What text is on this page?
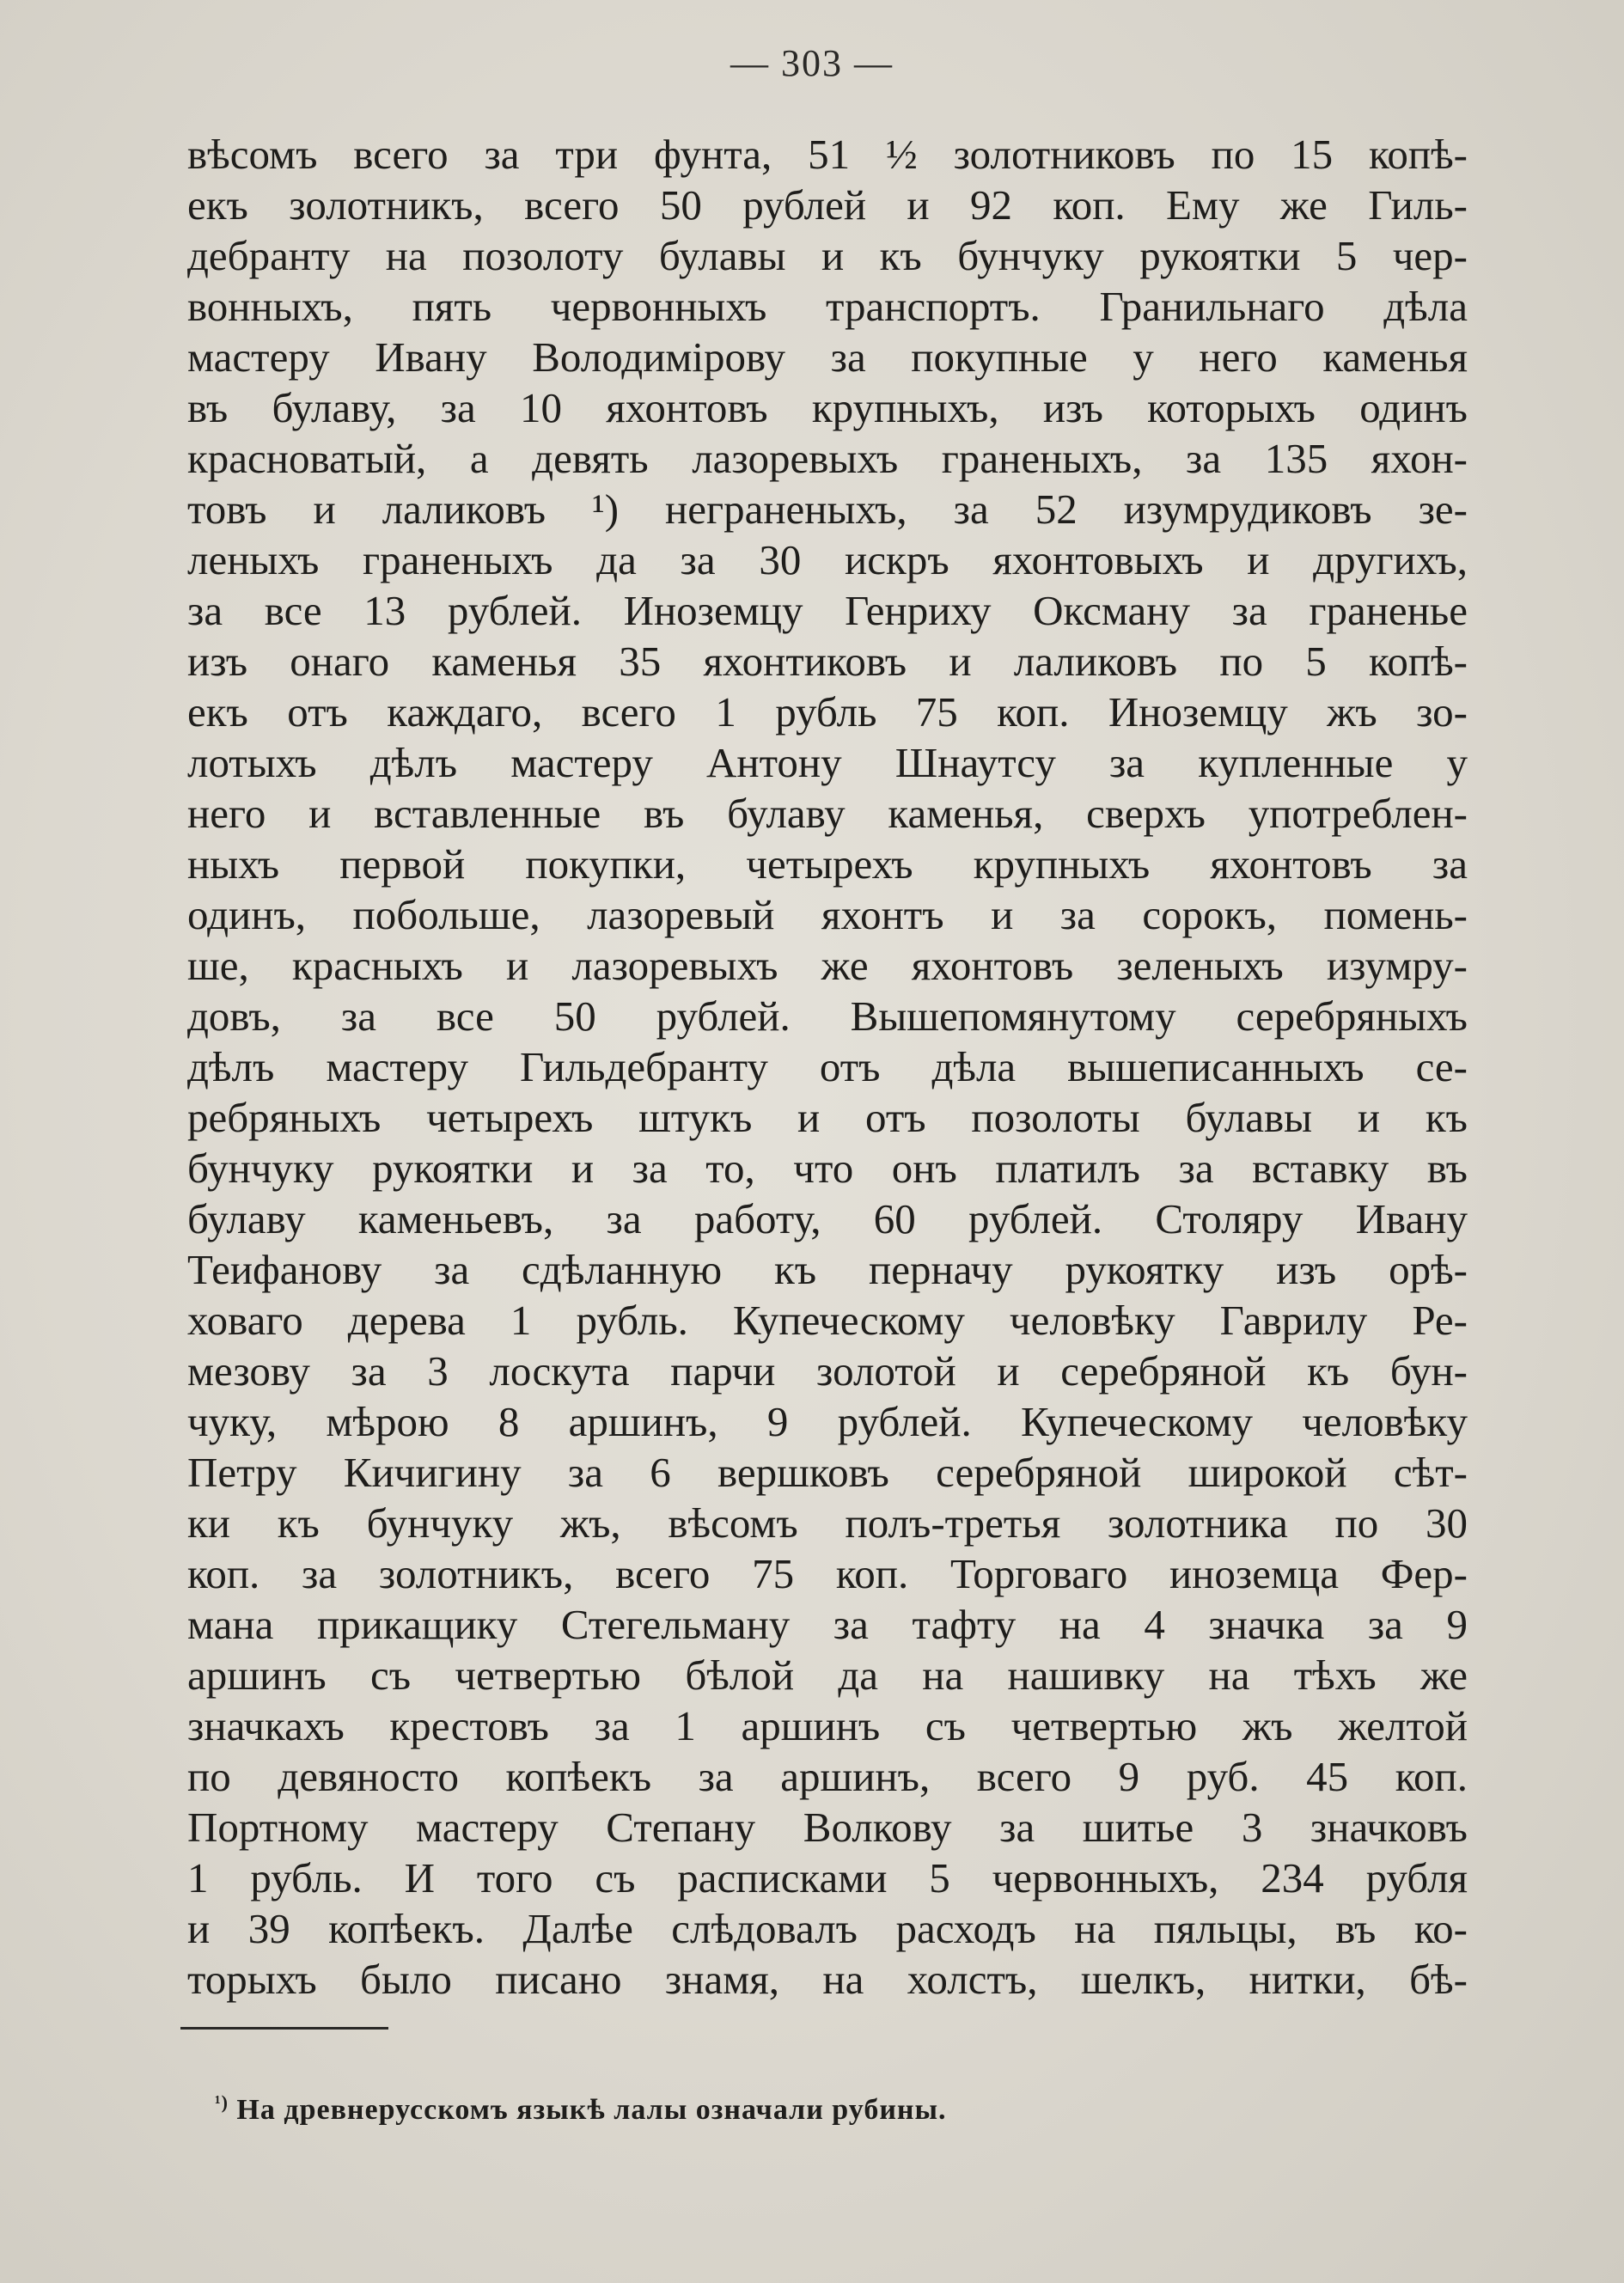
— 303 —
вѣсомъ всего за три фунта, 51 ½ золотниковъ по 15 копѣ-
екъ золотникъ, всего 50 рублей и 92 коп. Ему же Гиль-
дебранту на позолоту булавы и къ бунчуку рукоятки 5 чер-
вонныхъ, пять червонныхъ транспортъ. Гранильнаго дѣла
мастеру Ивану Володимірову за покупные у него каменья
въ булаву, за 10 яхонтовъ крупныхъ, изъ которыхъ одинъ
красноватый, а девять лазоревыхъ граненыхъ, за 135 яхон-
товъ и лаликовъ ¹) неграненыхъ, за 52 изумрудиковъ зе-
леныхъ граненыхъ да за 30 искръ яхонтовыхъ и другихъ,
за все 13 рублей. Иноземцу Генриху Оксману за граненье
изъ онаго каменья 35 яхонтиковъ и лаликовъ по 5 копѣ-
екъ отъ каждаго, всего 1 рубль 75 коп. Иноземцу жъ зо-
лотыхъ дѣлъ мастеру Антону Шнаутсу за купленные у
него и вставленные въ булаву каменья, сверхъ употреблен-
ныхъ первой покупки, четырехъ крупныхъ яхонтовъ за
одинъ, побольше, лазоревый яхонтъ и за сорокъ, помень-
ше, красныхъ и лазоревыхъ же яхонтовъ зеленыхъ изумру-
довъ, за все 50 рублей. Вышепомянутому серебряныхъ
дѣлъ мастеру Гильдебранту отъ дѣла вышеписанныхъ се-
ребряныхъ четырехъ штукъ и отъ позолоты булавы и къ
бунчуку рукоятки и за то, что онъ платилъ за вставку въ
булаву каменьевъ, за работу, 60 рублей. Столяру Ивану
Теифанову за сдѣланную къ перначу рукоятку изъ орѣ-
ховаго дерева 1 рубль. Купеческому человѣку Гаврилу Ре-
мезову за 3 лоскута парчи золотой и серебряной къ бун-
чуку, мѣрою 8 аршинъ, 9 рублей. Купеческому человѣку
Петру Кичигину за 6 вершковъ серебряной широкой сѣт-
ки къ бунчуку жъ, вѣсомъ полъ-третья золотника по 30
коп. за золотникъ, всего 75 коп. Торговаго иноземца Фер-
мана прикащику Стегельману за тафту на 4 значка за 9
аршинъ съ четвертью бѣлой да на нашивку на тѣхъ же
значкахъ крестовъ за 1 аршинъ съ четвертью жъ желтой
по девяносто копѣекъ за аршинъ, всего 9 руб. 45 коп.
Портному мастеру Степану Волкову за шитье 3 значковъ
1 рубль. И того съ расписками 5 червонныхъ, 234 рубля
и 39 копѣекъ. Далѣе слѣдовалъ расходъ на пяльцы, въ ко-
торыхъ было писано знамя, на холстъ, шелкъ, нитки, бѣ-
$^{^1)}$ На древнерусскомъ языкѣ лалы означали рубины.
